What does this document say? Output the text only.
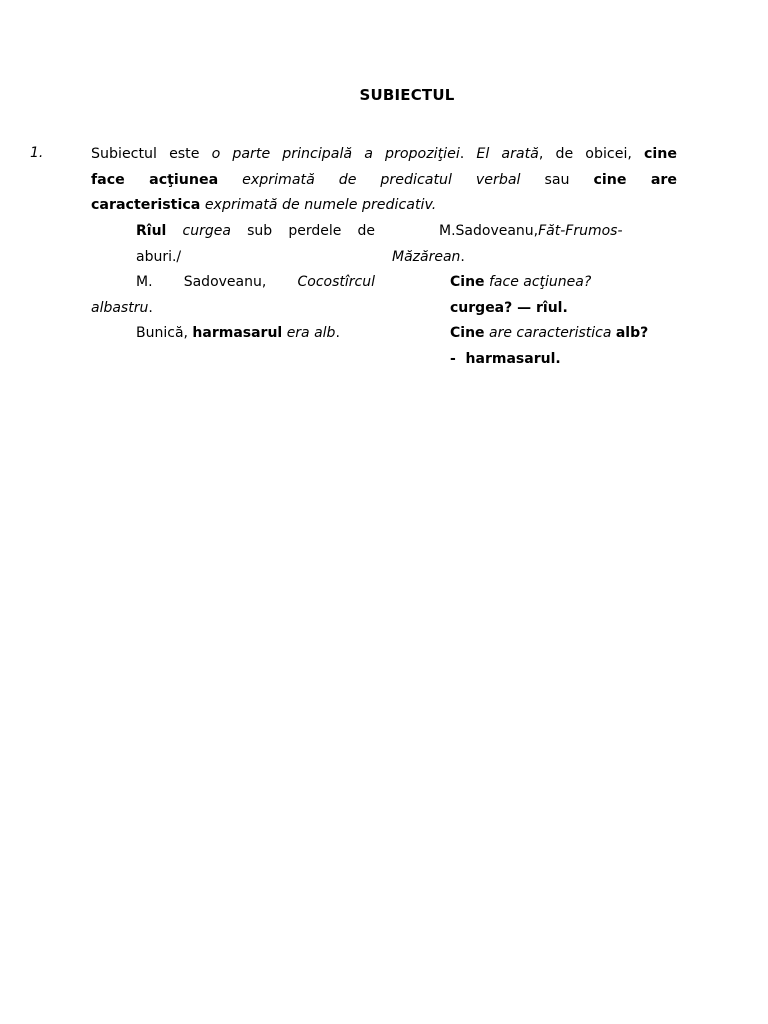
SUBIECTUL
1.	Subiectul este o parte principală a propoziţiei. El arată, de obicei, cine
face acţiunea exprimată de predicatul verbal sau cine are
caracteristica exprimată de numele predicativ.
Rîul curgea sub perdele de
aburi./
M. Sadoveanu, Cocostîrcul
albastru.
Bunică, harmasarul era alb.
M.Sadoveanu,Făt-Frumos-
Măzărean.
Cine face acţiunea?
curgea? — rîul.
Cine are caracteristica alb?
-  harmasarul.
